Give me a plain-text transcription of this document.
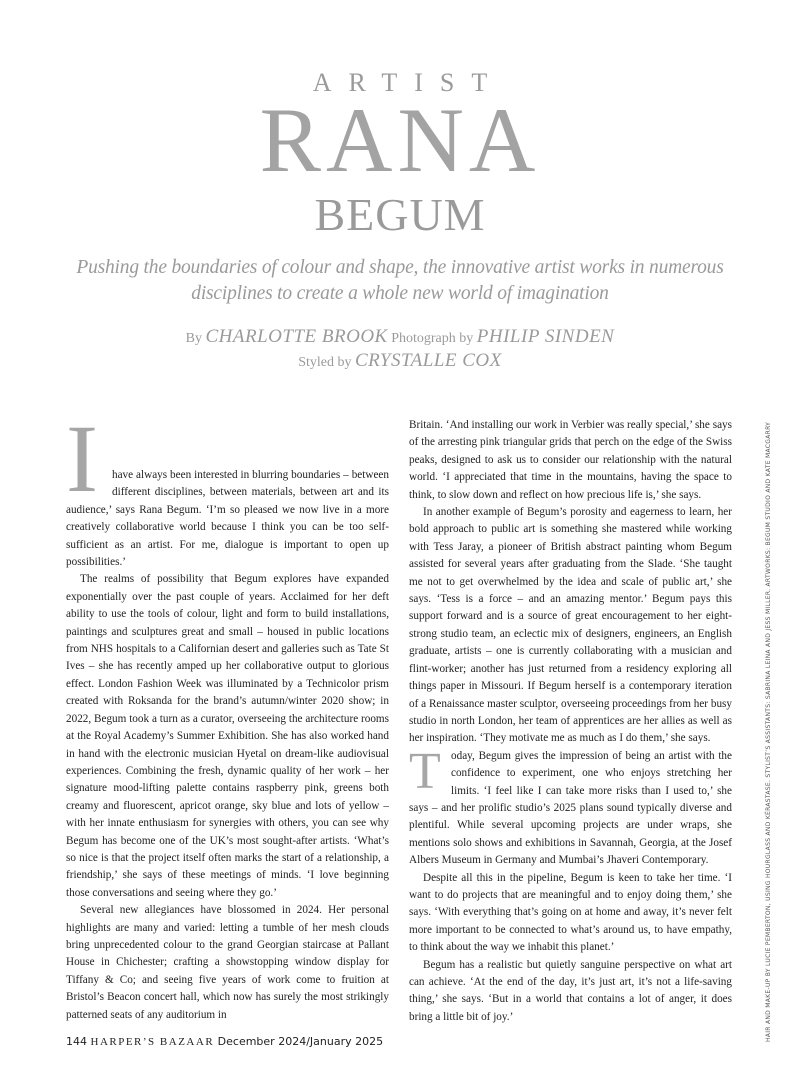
ARTIST
RANA
BEGUM
Pushing the boundaries of colour and shape, the innovative artist works in numerous disciplines to create a whole new world of imagination
By CHARLOTTE BROOK Photograph by PHILIP SINDEN
Styled by CRYSTALLE COX
I	have always been interested in blurring boundaries – between different disciplines, between materials, between art and its audience,’ says Rana Begum. ‘I’m so pleased we now live in a more creatively collaborative world because I think you can be too self-sufficient as an artist. For me, dialogue is important to open up possibilities.’

The realms of possibility that Begum explores have expanded exponentially over the past couple of years. Acclaimed for her deft ability to use the tools of colour, light and form to build installations, paintings and sculptures great and small – housed in public locations from NHS hospitals to a Californian desert and galleries such as Tate St Ives – she has recently amped up her collaborative output to glorious effect. London Fashion Week was illuminated by a Technicolor prism created with Roksanda for the brand’s autumn/winter 2020 show; in 2022, Begum took a turn as a curator, overseeing the architecture rooms at the Royal Academy’s Summer Exhibition. She has also worked hand in hand with the electronic musician Hyetal on dream-like audiovisual experiences. Combining the fresh, dynamic quality of her work – her signature mood-lifting palette contains raspberry pink, greens both creamy and fluorescent, apricot orange, sky blue and lots of yellow – with her innate enthusiasm for synergies with others, you can see why Begum has become one of the UK’s most sought-after artists. ‘What’s so nice is that the project itself often marks the start of a relationship, a friendship,’ she says of these meetings of minds. ‘I love beginning those conversations and seeing where they go.’

Several new allegiances have blossomed in 2024. Her personal highlights are many and varied: letting a tumble of her mesh clouds bring unprecedented colour to the grand Georgian staircase at Pallant House in Chichester; crafting a showstopping window display for Tiffany & Co; and seeing five years of work come to fruition at Bristol’s Beacon concert hall, which now has surely the most strikingly patterned seats of any auditorium in

Britain. ‘And installing our work in Verbier was really special,’ she says of the arresting pink triangular grids that perch on the edge of the Swiss peaks, designed to ask us to consider our relationship with the natural world. ‘I appreciated that time in the mountains, having the space to think, to slow down and reflect on how precious life is,’ she says.

In another example of Begum’s porosity and eagerness to learn, her bold approach to public art is something she mastered while working with Tess Jaray, a pioneer of British abstract painting whom Begum assisted for several years after graduating from the Slade. ‘She taught me not to get overwhelmed by the idea and scale of public art,’ she says. ‘Tess is a force – and an amazing mentor.’ Begum pays this support forward and is a source of great encouragement to her eight-strong studio team, an eclectic mix of designers, engineers, an English graduate, artists – one is currently collaborating with a musician and flint-worker; another has just returned from a residency exploring all things paper in Missouri. If Begum herself is a contemporary iteration of a Renaissance master sculptor, overseeing proceedings from her busy studio in north London, her team of apprentices are her allies as well as her inspiration. ‘They motivate me as much as I do them,’ she says.

Today, Begum gives the impression of being an artist with the confidence to experiment, one who enjoys stretching her limits. ‘I feel like I can take more risks than I used to,’ she says – and her prolific studio’s 2025 plans sound typically diverse and plentiful. While several upcoming projects are under wraps, she mentions solo shows and exhibitions in Savannah, Georgia, at the Josef Albers Museum in Germany and Mumbai’s Jhaveri Contemporary.

Despite all this in the pipeline, Begum is keen to take her time. ‘I want to do projects that are meaningful and to enjoy doing them,’ she says. ‘With everything that’s going on at home and away, it’s never felt more important to be connected to what’s around us, to have empathy, to think about the way we inhabit this planet.’

Begum has a realistic but quietly sanguine perspective on what art can achieve. ‘At the end of the day, it’s just art, it’s not a life-saving thing,’ she says. ‘But in a world that contains a lot of anger, it does bring a little bit of joy.’	HAIR AND MAKE-UP BY LUCIE PEMBERTON, USING HOURGLASS AND KÉRASTASE. STYLIST’S ASSISTANTS: SABRINA LEINA AND JESS MILLER. ARTWORKS: BEGUM STUDIO AND KATE MACGARRY
144 HARPER’S BAZAAR December 2024/January 2025
